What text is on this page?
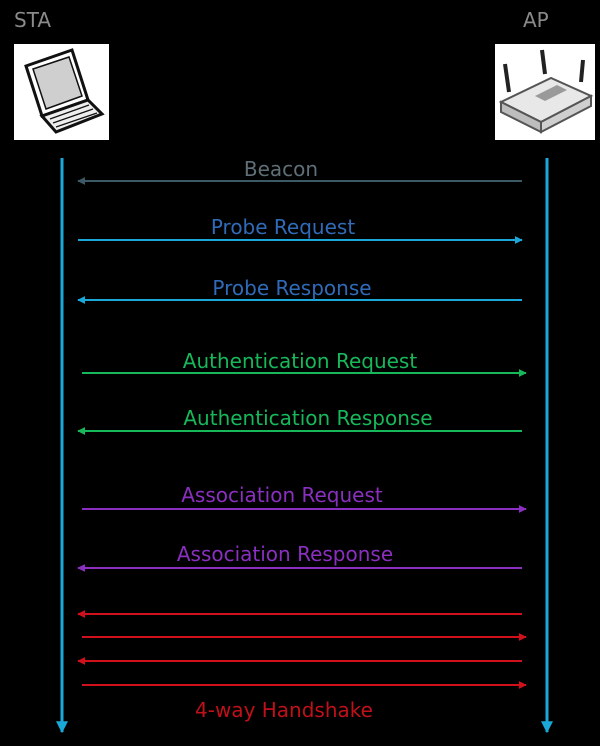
STA	AP
Beacon
Probe Request
Probe Response
Authentication Request
Authentication Response
Association Request
Association Response
4-way Handshake
